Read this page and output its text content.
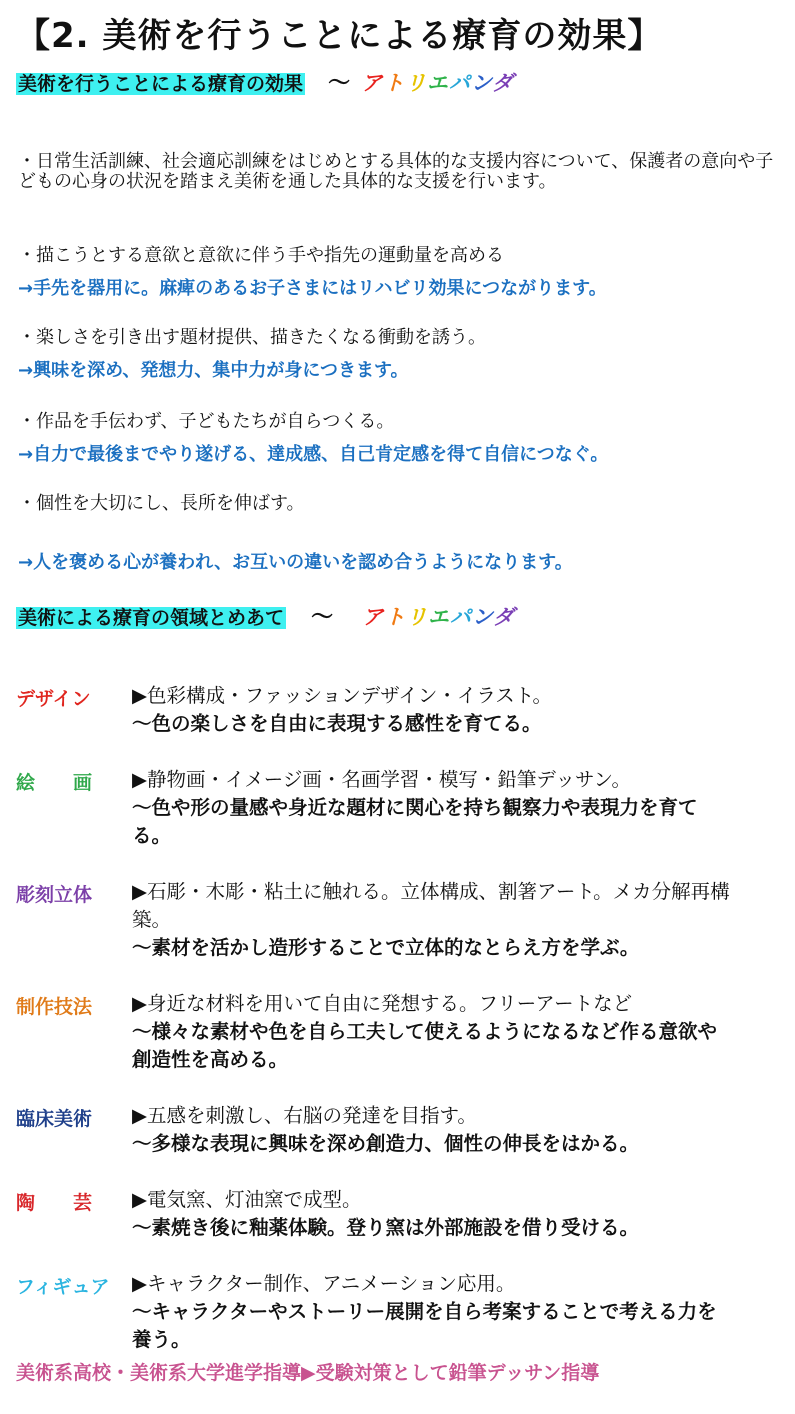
【2. 美術を行うことによる療育の効果】
美術を行うことによる療育の効果 〜 アトリエパンダ
・日常生活訓練、社会適応訓練をはじめとする具体的な支援内容について、保護者の意向や子どもの心身の状況を踏まえ美術を通した具体的な支援を行います。
・描こうとする意欲と意欲に伴う手や指先の運動量を高める
→手先を器用に。麻痺のあるお子さまにはリハビリ効果につながります。
・楽しさを引き出す題材提供、描きたくなる衝動を誘う。
→興味を深め、発想力、集中力が身につきます。
・作品を手伝わず、子どもたちが自らつくる。
→自力で最後までやり遂げる、達成感、自己肯定感を得て自信につなぐ。
・個性を大切にし、長所を伸ばす。
→人を褒める心が養われ、お互いの違いを認め合うようになります。
美術による療育の領域とめあて 〜 アトリエパンダ
デザイン ▶色彩構成・ファッションデザイン・イラスト。
〜色の楽しさを自由に表現する感性を育てる。
絵　　画 ▶静物画・イメージ画・名画学習・模写・鉛筆デッサン。
〜色や形の量感や身近な題材に関心を持ち観察力や表現力を育てる。
彫刻立体 ▶石彫・木彫・粘土に触れる。立体構成、割箸アート。メカ分解再構築。
〜素材を活かし造形することで立体的なとらえ方を学ぶ。
制作技法 ▶身近な材料を用いて自由に発想する。フリーアートなど
〜様々な素材や色を自ら工夫して使えるようになるなど作る意欲や創造性を高める。
臨床美術 ▶五感を刺激し、右脳の発達を目指す。
〜多様な表現に興味を深め創造力、個性の伸長をはかる。
陶　　芸 ▶電気窯、灯油窯で成型。
〜素焼き後に釉薬体験。登り窯は外部施設を借り受ける。
フィギュア ▶キャラクター制作、アニメーション応用。
〜キャラクターやストーリー展開を自ら考案することで考える力を養う。
美術系高校・美術系大学進学指導▶受験対策として鉛筆デッサン指導
